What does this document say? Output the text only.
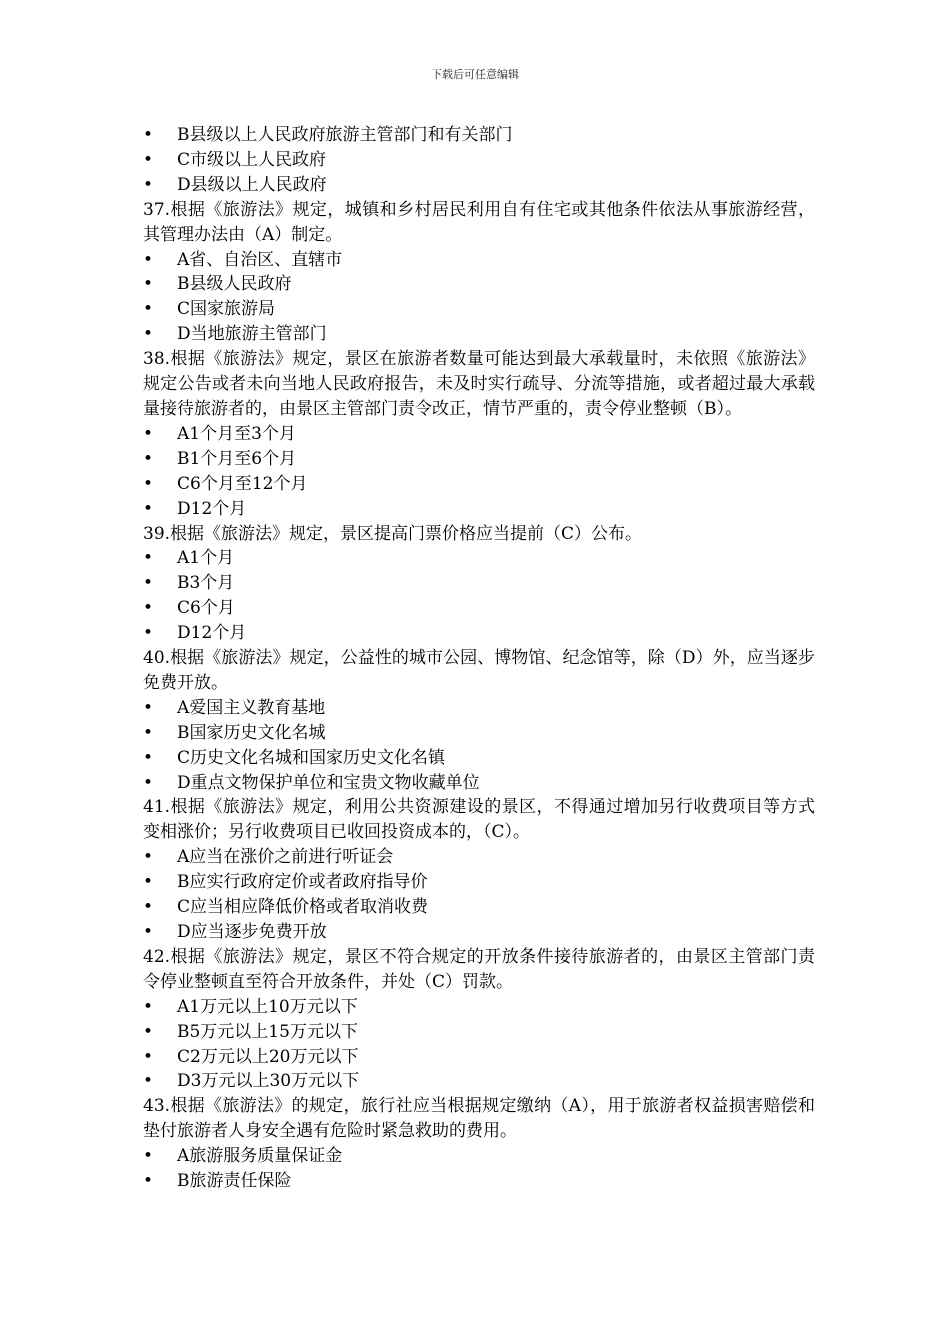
下载后可任意编辑
•	B县级以上人民政府旅游主管部门和有关部门
•	C市级以上人民政府
•	D县级以上人民政府

37.根据《旅游法》规定，城镇和乡村居民利用自有住宅或其他条件依法从事旅游经营，其管理办法由（A）制定。

•	A省、自治区、直辖市
•	B县级人民政府
•	C国家旅游局
•	D当地旅游主管部门

38.根据《旅游法》规定，景区在旅游者数量可能达到最大承载量时，未依照《旅游法》规定公告或者未向当地人民政府报告，未及时实行疏导、分流等措施，或者超过最大承载量接待旅游者的，由景区主管部门责令改正，情节严重的，责令停业整顿（B）。

•	A1个月至3个月
•	B1个月至6个月
•	C6个月至12个月
•	D12个月

39.根据《旅游法》规定，景区提高门票价格应当提前（C）公布。

•	A1个月
•	B3个月
•	C6个月
•	D12个月

40.根据《旅游法》规定，公益性的城市公园、博物馆、纪念馆等，除（D）外，应当逐步免费开放。

•	A爱国主义教育基地
•	B国家历史文化名城
•	C历史文化名城和国家历史文化名镇
•	D重点文物保护单位和宝贵文物收藏单位

41.根据《旅游法》规定，利用公共资源建设的景区，不得通过增加另行收费项目等方式变相涨价；另行收费项目已收回投资成本的，（C）。

•	A应当在涨价之前进行听证会
•	B应实行政府定价或者政府指导价
•	C应当相应降低价格或者取消收费
•	D应当逐步免费开放

42.根据《旅游法》规定，景区不符合规定的开放条件接待旅游者的，由景区主管部门责令停业整顿直至符合开放条件，并处（C）罚款。

•	A1万元以上10万元以下
•	B5万元以上15万元以下
•	C2万元以上20万元以下
•	D3万元以上30万元以下

43.根据《旅游法》的规定，旅行社应当根据规定缴纳（A），用于旅游者权益损害赔偿和垫付旅游者人身安全遇有危险时紧急救助的费用。

•	A旅游服务质量保证金
•	B旅游责任保险
